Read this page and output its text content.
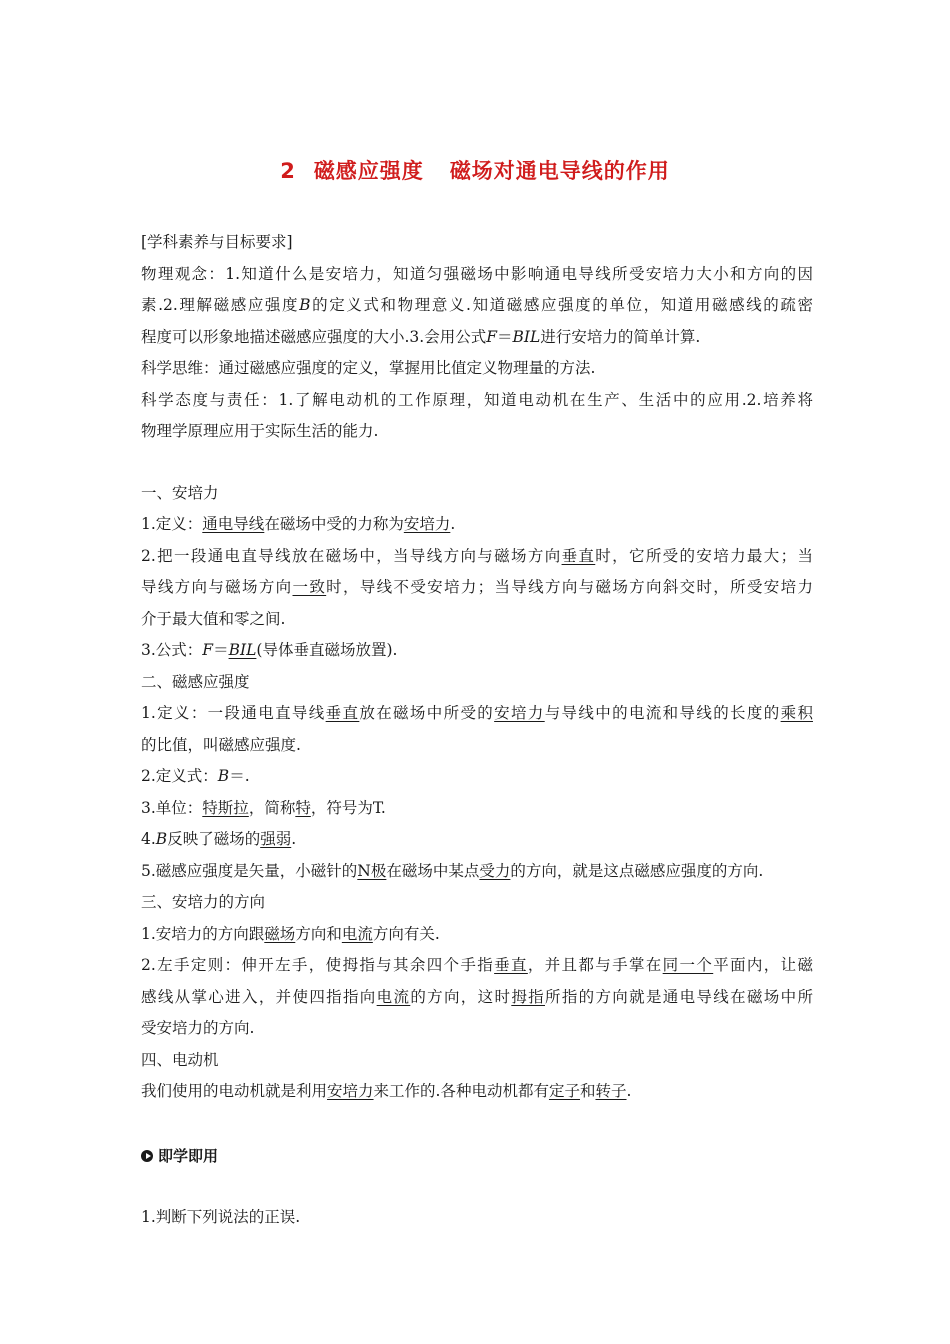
2 磁感应强度 磁场对通电导线的作用
[学科素养与目标要求]
物理观念：1.知道什么是安培力，知道匀强磁场中影响通电导线所受安培力大小和方向的因
素.2.理解磁感应强度B的定义式和物理意义.知道磁感应强度的单位，知道用磁感线的疏密
程度可以形象地描述磁感应强度的大小.3.会用公式F＝BIL进行安培力的简单计算.
科学思维：通过磁感应强度的定义，掌握用比值定义物理量的方法.
科学态度与责任：1.了解电动机的工作原理，知道电动机在生产、生活中的应用.2.培养将
物理学原理应用于实际生活的能力.
一、安培力
1.定义：通电导线在磁场中受的力称为安培力.
2.把一段通电直导线放在磁场中，当导线方向与磁场方向垂直时，它所受的安培力最大；当
导线方向与磁场方向一致时，导线不受安培力；当导线方向与磁场方向斜交时，所受安培力
介于最大值和零之间.
3.公式：F＝BIL(导体垂直磁场放置).
二、磁感应强度
1.定义：一段通电直导线垂直放在磁场中所受的安培力与导线中的电流和导线的长度的乘积
的比值，叫磁感应强度.
2.定义式：B＝.
3.单位：特斯拉，简称特，符号为T.
4.B反映了磁场的强弱.
5.磁感应强度是矢量，小磁针的N极在磁场中某点受力的方向，就是这点磁感应强度的方向.
三、安培力的方向
1.安培力的方向跟磁场方向和电流方向有关.
2.左手定则：伸开左手，使拇指与其余四个手指垂直，并且都与手掌在同一个平面内，让磁
感线从掌心进入，并使四指指向电流的方向，这时拇指所指的方向就是通电导线在磁场中所
受安培力的方向.
四、电动机
我们使用的电动机就是利用安培力来工作的.各种电动机都有定子和转子.
即学即用
1.判断下列说法的正误.
